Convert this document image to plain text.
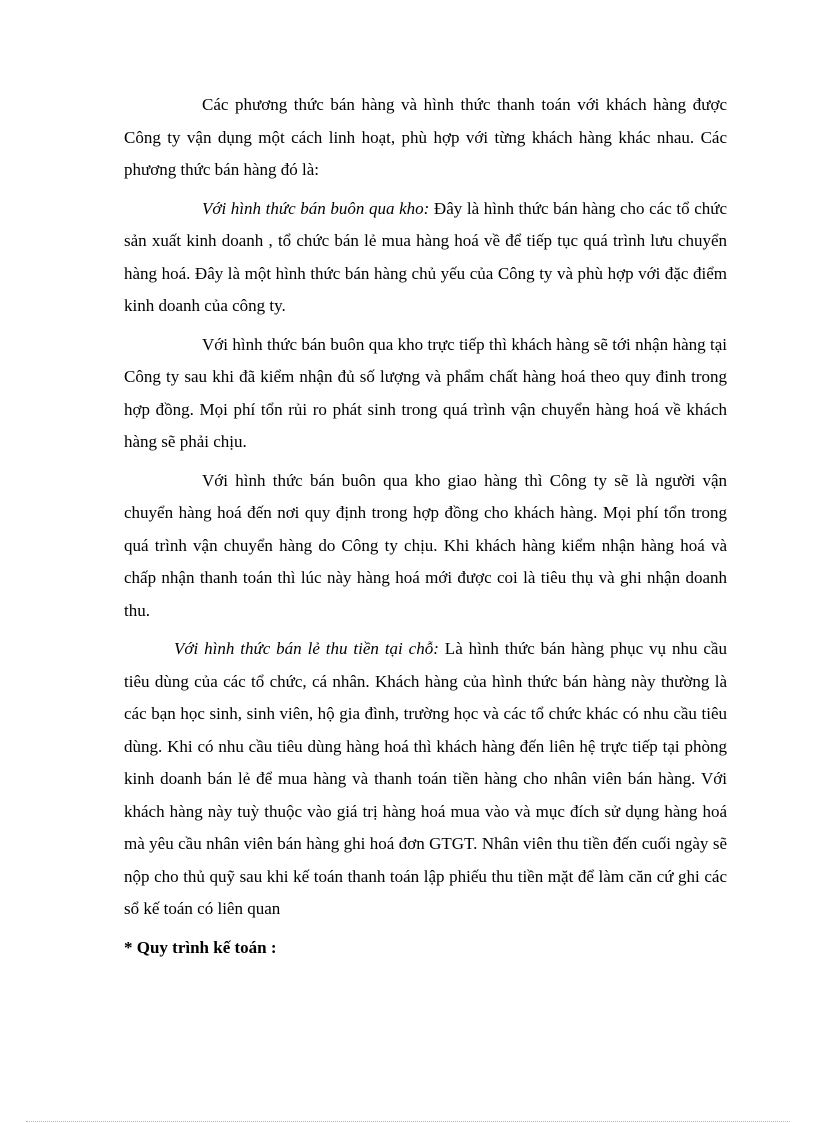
Các phương thức bán hàng và hình thức thanh toán với khách hàng được Công ty vận dụng một cách linh hoạt, phù hợp với từng khách hàng khác nhau. Các phương thức bán hàng đó là:

Với hình thức bán buôn qua kho: Đây là hình thức bán hàng cho các tổ chức sản xuất kinh doanh , tổ chức bán lẻ mua hàng hoá về để tiếp tục quá trình lưu chuyển hàng hoá. Đây là một hình thức bán hàng chủ yếu của Công ty và phù hợp với đặc điểm kinh doanh của công ty.

Với hình thức bán buôn qua kho trực tiếp thì khách hàng sẽ tới nhận hàng tại Công ty sau khi đã kiểm nhận đủ số lượng và phẩm chất hàng hoá theo quy đinh trong hợp đồng. Mọi phí tổn rủi ro phát sinh trong quá trình vận chuyển hàng hoá về khách hàng sẽ phải chịu.

Với hình thức bán buôn qua kho giao hàng thì Công ty sẽ là người vận chuyển hàng hoá đến nơi quy định trong hợp đồng cho khách hàng. Mọi phí tổn trong quá trình vận chuyển hàng do Công ty chịu. Khi khách hàng kiểm nhận hàng hoá và chấp nhận thanh toán thì lúc này hàng hoá mới được coi là tiêu thụ và ghi nhận doanh thu.

Với hình thức bán lẻ thu tiền tại chỗ: Là hình thức bán hàng phục vụ nhu cầu tiêu dùng của các tổ chức, cá nhân. Khách hàng của hình thức bán hàng này thường là các bạn học sinh, sinh viên, hộ gia đình, trường học và các tổ chức khác có nhu cầu tiêu dùng. Khi có nhu cầu tiêu dùng hàng hoá thì khách hàng đến liên hệ trực tiếp tại phòng kinh doanh bán lẻ để mua hàng và thanh toán tiền hàng cho nhân viên bán hàng. Với khách hàng này tuỳ thuộc vào giá trị hàng hoá mua vào và mục đích sử dụng hàng hoá mà yêu cầu nhân viên bán hàng ghi hoá đơn GTGT. Nhân viên thu tiền đến cuối ngày sẽ nộp cho thủ quỹ sau khi kế toán thanh toán lập phiếu thu tiền mặt để làm căn cứ ghi các sổ kế toán có liên quan

* Quy trình kế toán :
